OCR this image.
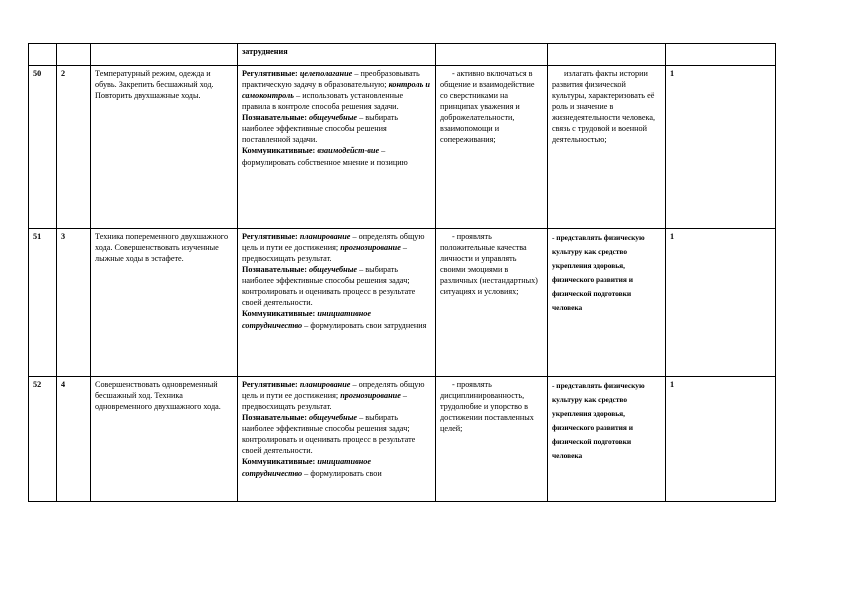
			затруднения			
50	2	Температурный режим, одежда и обувь. Закрепить бесшажный ход. Повторить двухшажные ходы.	Регулятивные: целеполагание – преобразовывать практическую задачу в образовательную; контроль и самоконтроль – использовать установленные правила в контроле способа решения задачи.
Познавательные: общеучебные – выбирать наиболее эффективные способы решения поставленной задачи.
Коммуникативные: взаимодейст-вие – формулировать собственное мнение и позицию	- активно включаться в общение и взаимодействие со сверстниками на принципах уважения и доброжелательности, взаимопомощи и сопереживания;	излагать факты истории развития физической культуры, характеризовать её роль и значение в жизнедеятельности человека, связь с трудовой и военной деятельностью;	1
51	3	Техника попеременного двухшажного хода. Совершенствовать изученные лыжные ходы в эстафете.	Регулятивные: планирование – определять общую цель и пути ее достижения; прогнозирование – предвосхищать результат.
Познавательные: общеучебные – выбирать наиболее эффективные способы решения задач; контролировать и оценивать процесс в результате своей деятельности.
Коммуникативные: инициативное сотрудничество – формулировать свои затруднения	- проявлять положительные качества личности и управлять своими эмоциями в различных (нестандартных) ситуациях и условиях;	- представлять физическую культуру как средство укрепления здоровья, физического развития и физической подготовки человека	1
52	4	Совершенствовать одновременный бесшажный ход. Техника одновременного двухшажного хода.	Регулятивные: планирование – определять общую цель и пути ее достижения; прогнозирование – предвосхищать результат.
Познавательные: общеучебные – выбирать наиболее эффективные способы решения задач; контролировать и оценивать процесс в результате своей деятельности.
Коммуникативные: инициативное сотрудничество – формулировать свои	- проявлять дисциплинированность, трудолюбие и упорство в достижении поставленных целей;	- представлять физическую культуру как средство укрепления здоровья, физического развития и физической подготовки человека	1
